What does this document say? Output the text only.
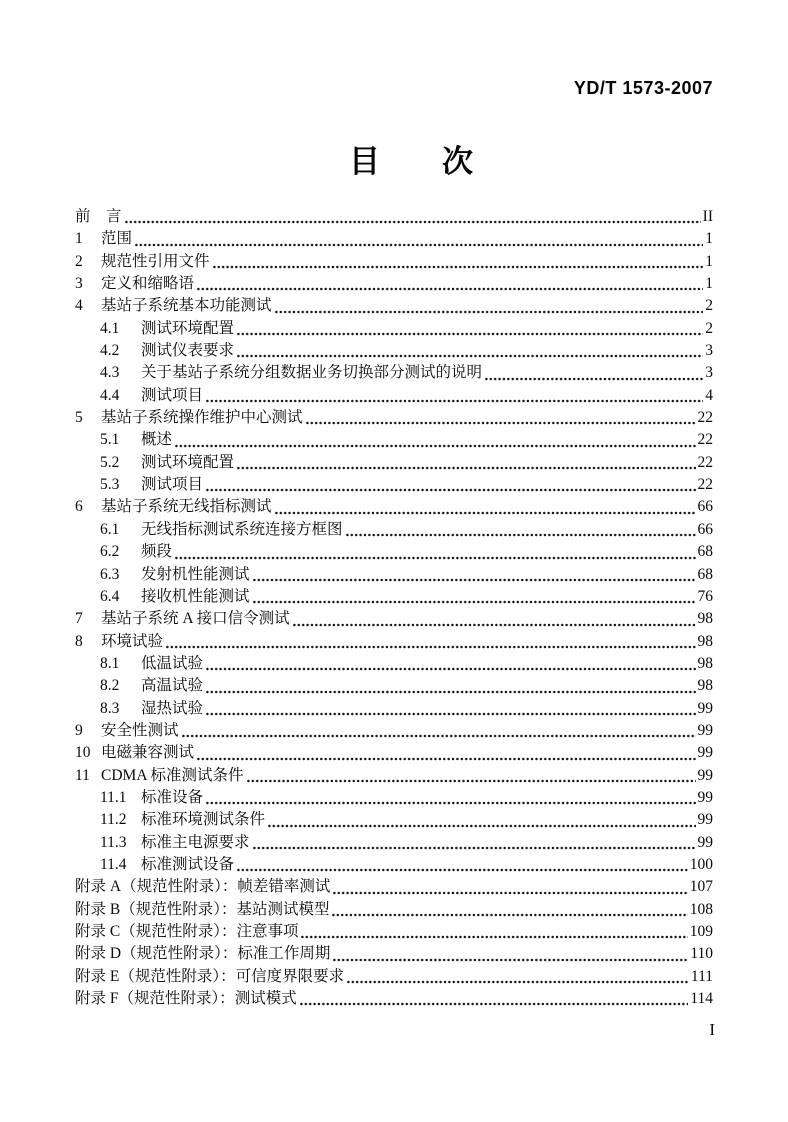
YD/T 1573-2007
目　　次
前　言	II
1	范围	1
2	规范性引用文件	1
3	定义和缩略语	1
4	基站子系统基本功能测试	2
4.1	测试环境配置	2
4.2	测试仪表要求	3
4.3	关于基站子系统分组数据业务切换部分测试的说明	3
4.4	测试项目	4
5	基站子系统操作维护中心测试	22
5.1	概述	22
5.2	测试环境配置	22
5.3	测试项目	22
6	基站子系统无线指标测试	66
6.1	无线指标测试系统连接方框图	66
6.2	频段	68
6.3	发射机性能测试	68
6.4	接收机性能测试	76
7	基站子系统 A 接口信令测试	98
8	环境试验	98
8.1	低温试验	98
8.2	高温试验	98
8.3	湿热试验	99
9	安全性测试	99
10 电磁兼容测试	99
11 CDMA 标准测试条件	99
11.1 标准设备	99
11.2 标准环境测试条件	99
11.3 标准主电源要求	99
11.4 标准测试设备	100
附录 A（规范性附录）：帧差错率测试	107
附录 B（规范性附录）：基站测试模型	108
附录 C（规范性附录）：注意事项	109
附录 D（规范性附录）：标准工作周期	110
附录 E（规范性附录）：可信度界限要求	111
附录 F（规范性附录）：测试模式	114
I
